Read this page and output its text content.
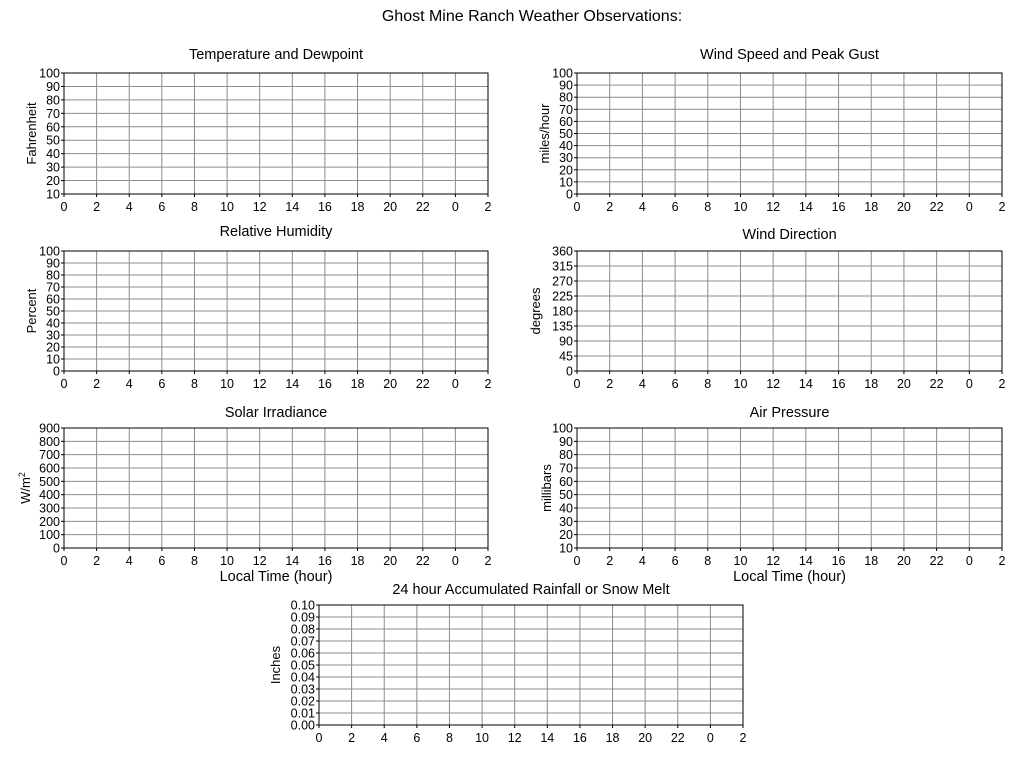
Ghost Mine Ranch Weather Observations:
0 2 4 6 8 10 12 14 16 18 20 22 0 2
10
20
30
40
50
60
70
80
90
100
Temperature and Dewpoint
Fahrenheit
0 2 4 6 8 10 12 14 16 18 20 22 0 2
0
10
20
30
40
50
60
70
80
90
100
Wind Speed and Peak Gust
miles/hour
0 2 4 6 8 10 12 14 16 18 20 22 0 2
0
10
20
30
40
50
60
70
80
90
100
Relative Humidity
Percent
0 2 4 6 8 10 12 14 16 18 20 22 0 2
0
45
90
135
180
225
270
315
360
Wind Direction
degrees
0 2 4 6 8 10 12 14 16 18 20 22 0 2
0
100
200
300
400
500
600
700
800
900
Solar Irradiance
$W/m^2$
Local Time (hour)
0 2 4 6 8 10 12 14 16 18 20 22 0 2
10
20
30
40
50
60
70
80
90
100
Air Pressure
millibars
Local Time (hour)
0 2 4 6 8 10 12 14 16 18 20 22 0 2
0.00
0.01
0.02
0.03
0.04
0.05
0.06
0.07
0.08
0.09
0.10
24 hour Accumulated Rainfall or Snow Melt
Inches
